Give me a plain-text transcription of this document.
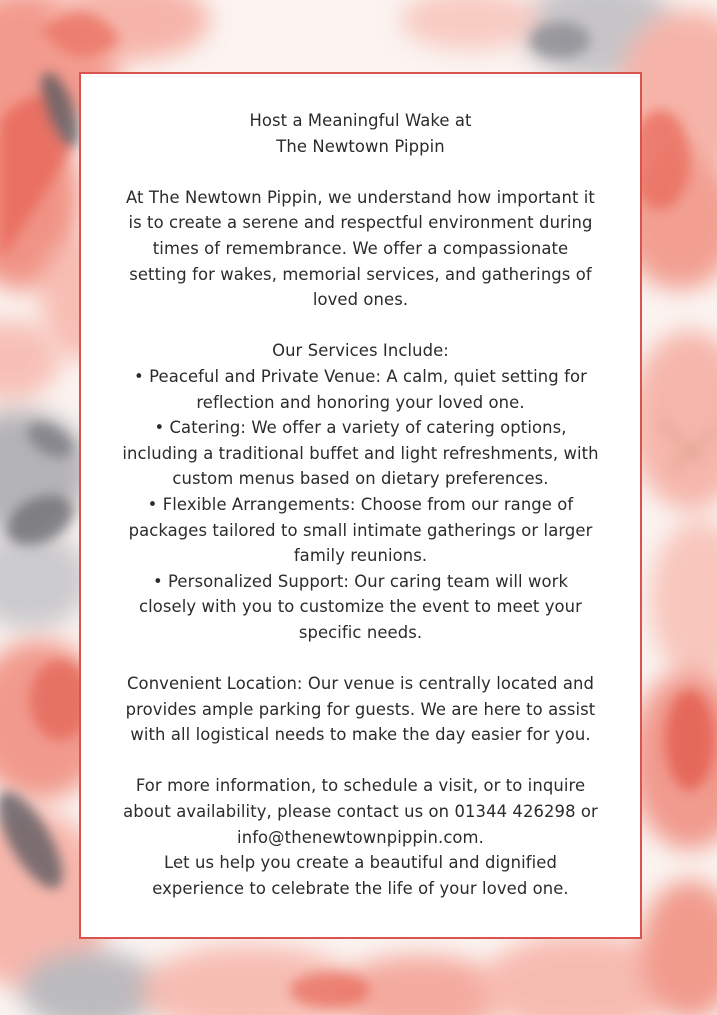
Host a Meaningful Wake at
The Newtown Pippin
At The Newtown Pippin, we understand how important it
is to create a serene and respectful environment during
times of remembrance. We offer a compassionate
setting for wakes, memorial services, and gatherings of
loved ones.
Our Services Include:
• Peaceful and Private Venue: A calm, quiet setting for
reflection and honoring your loved one.
• Catering: We offer a variety of catering options,
including a traditional buffet and light refreshments, with
custom menus based on dietary preferences.
• Flexible Arrangements: Choose from our range of
packages tailored to small intimate gatherings or larger
family reunions.
• Personalized Support: Our caring team will work
closely with you to customize the event to meet your
specific needs.
Convenient Location: Our venue is centrally located and
provides ample parking for guests. We are here to assist
with all logistical needs to make the day easier for you.
For more information, to schedule a visit, or to inquire
about availability, please contact us on 01344 426298 or
info@thenewtownpippin.com.
Let us help you create a beautiful and dignified
experience to celebrate the life of your loved one.
